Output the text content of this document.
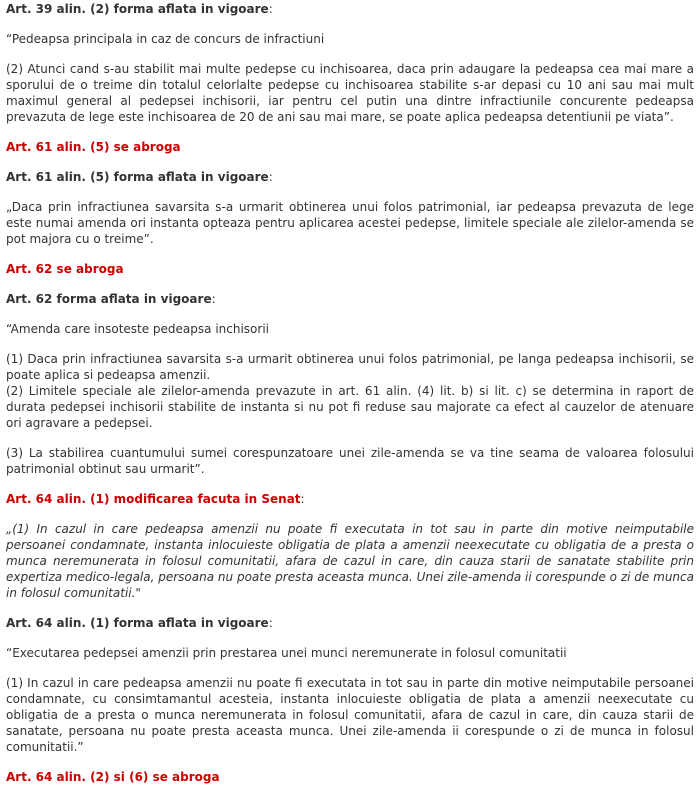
Art. 39 alin. (2) forma aflata in vigoare:

“Pedeapsa principala in caz de concurs de infractiuni

(2) Atunci cand s-au stabilit mai multe pedepse cu inchisoarea, daca prin adaugare la pedeapsa cea mai mare a sporului de o treime din totalul celorlalte pedepse cu inchisoarea stabilite s-ar depasi cu 10 ani sau mai mult maximul general al pedepsei inchisorii, iar pentru cel putin una dintre infractiunile concurente pedeapsa prevazuta de lege este inchisoarea de 20 de ani sau mai mare, se poate aplica pedeapsa detentiunii pe viata”.

Art. 61 alin. (5) se abroga

Art. 61 alin. (5) forma aflata in vigoare:

„Daca prin infractiunea savarsita s-a urmarit obtinerea unui folos patrimonial, iar pedeapsa prevazuta de lege este numai amenda ori instanta opteaza pentru aplicarea acestei pedepse, limitele speciale ale zilelor-amenda se pot majora cu o treime”.

Art. 62 se abroga

Art. 62 forma aflata in vigoare:

“Amenda care insoteste pedeapsa inchisorii

(1) Daca prin infractiunea savarsita s-a urmarit obtinerea unui folos patrimonial, pe langa pedeapsa inchisorii, se poate aplica si pedeapsa amenzii.

(2) Limitele speciale ale zilelor-amenda prevazute in art. 61 alin. (4) lit. b) si lit. c) se determina in raport de durata pedepsei inchisorii stabilite de instanta si nu pot fi reduse sau majorate ca efect al cauzelor de atenuare ori agravare a pedepsei.

(3) La stabilirea cuantumului sumei corespunzatoare unei zile-amenda se va tine seama de valoarea folosului patrimonial obtinut sau urmarit”.

Art. 64 alin. (1) modificarea facuta in Senat:

„(1) In cazul in care pedeapsa amenzii nu poate fi executata in tot sau in parte din motive neimputabile persoanei condamnate, instanta inlocuieste obligatia de plata a amenzii neexecutate cu obligatia de a presta o munca neremunerata in folosul comunitatii, afara de cazul in care, din cauza starii de sanatate stabilite prin expertiza medico-legala, persoana nu poate presta aceasta munca. Unei zile-amenda ii corespunde o zi de munca in folosul comunitatii."

Art. 64 alin. (1) forma aflata in vigoare:

“Executarea pedepsei amenzii prin prestarea unei munci neremunerate in folosul comunitatii

(1) In cazul in care pedeapsa amenzii nu poate fi executata in tot sau in parte din motive neimputabile persoanei condamnate, cu consimtamantul acesteia, instanta inlocuieste obligatia de plata a amenzii neexecutate cu obligatia de a presta o munca neremunerata in folosul comunitatii, afara de cazul in care, din cauza starii de sanatate, persoana nu poate presta aceasta munca. Unei zile-amenda ii corespunde o zi de munca in folosul comunitatii.”

Art. 64 alin. (2) si (6) se abroga
